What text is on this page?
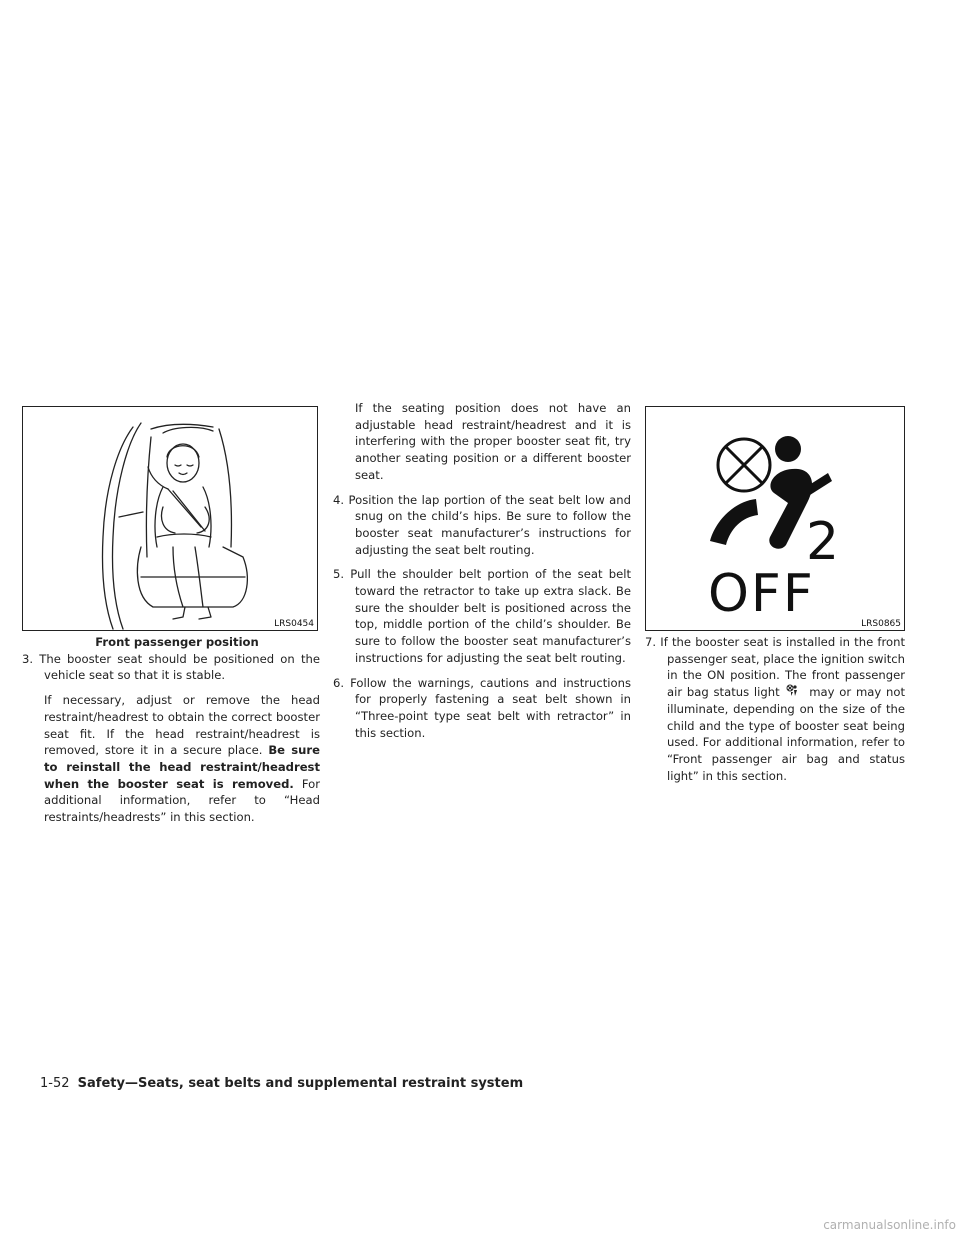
LRS0454

Front passenger position

3. The booster seat should be positioned on the vehicle seat so that it is stable.

If necessary, adjust or remove the head restraint/headrest to obtain the correct booster seat fit. If the head restraint/headrest is removed, store it in a secure place. Be sure to reinstall the head restraint/headrest when the booster seat is removed. For additional information, refer to “Head restraints/headrests” in this section.

If the seating position does not have an adjustable head restraint/headrest and it is interfering with the proper booster seat fit, try another seating position or a different booster seat.

4. Position the lap portion of the seat belt low and snug on the child’s hips. Be sure to follow the booster seat manufacturer’s instructions for adjusting the seat belt routing.

5. Pull the shoulder belt portion of the seat belt toward the retractor to take up extra slack. Be sure the shoulder belt is positioned across the top, middle portion of the child’s shoulder. Be sure to follow the booster seat manufacturer’s instructions for adjusting the seat belt routing.

6. Follow the warnings, cautions and instructions for properly fastening a seat belt shown in “Three-point type seat belt with retractor” in this section.

2
OFF	LRS0865

7. If the booster seat is installed in the front passenger seat, place the ignition switch in the ON position. The front passenger air bag status light  may or may not illuminate, depending on the size of the child and the type of booster seat being used. For additional information, refer to “Front passenger air bag and status light” in this section.

1-52 Safety—Seats, seat belts and supplemental restraint system
carmanualsonline.info
